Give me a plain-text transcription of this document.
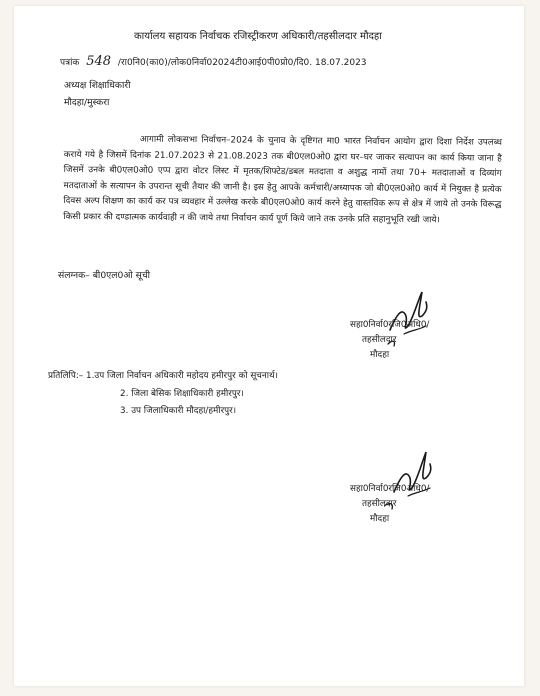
कार्यालय सहायक निर्वाचक रजिस्ट्रीकरण अधिकारी/तहसीलदार मौदहा
पत्रांक 548 /रा0नि0(का0)/लोक0निर्वा02024टी0आई0पी0प्रो0/दि0. 18.07.2023
अध्यक्ष शिक्षाधिकारी
मौदहा/मुस्करा
आगामी लोकसभा निर्वाचन–2024 के चुनाव के दृष्टिगत मा0 भारत निर्वाचन आयोग द्वारा दिशा निर्देश उपलब्ध कराये गये है जिसमें दिनांक 21.07.2023 से 21.08.2023 तक बी0एल0ओ0 द्वारा घर–घर जाकर सत्यापन का कार्य किया जाना है जिसमें उनके बी0एल0ओ0 एप्प द्वारा वोटर लिस्ट में मृतक/शिफ्टेड/डबल मतदाता व अशुद्ध नामों तथा 70+ मतदाताओं व दिव्यांग मतदाताओं के सत्यापन के उपरान्त सूची तैयार की जानी है। इस हेतु आपके कर्मचारी/अध्यापक जो बी0एल0ओ0 कार्य में नियुक्त है प्रत्येक दिवस अल्प शिक्षण का कार्य कर पत्र व्यवहार में उल्लेख करके बी0एल0ओ0 कार्य करने हेतु वास्तविक रूप से क्षेत्र में जाये तो उनके विरूद्ध किसी प्रकार की दण्डात्मक कार्यवाही न की जाये तथा निर्वाचन कार्य पूर्ण किये जाने तक उनके प्रति सहानुभूति रखी जाये।
संलग्नक– बी0एल0ओ सूची
सहा0निर्वा0रजि0अधि0/
तहसीलदार
मौदहा
प्रतिलिपि:– 1.उप जिला निर्वाचन अधिकारी महोदय हमीरपुर को सूचनार्थ।
2. जिला बेसिक शिक्षाधिकारी हमीरपुर।
3. उप जिलाधिकारी मौदहा/हमीरपुर।
सहा0निर्वा0रजि0अधि0/
तहसीलदार
मौदहा
